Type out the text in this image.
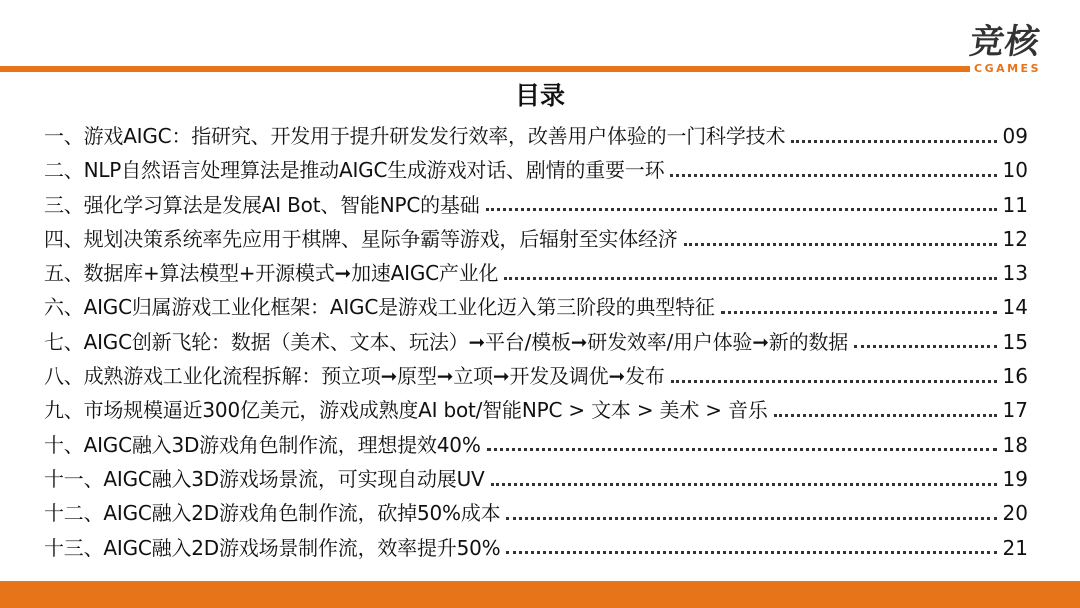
竞核
CGAMES
目录
一、游戏AIGC：指研究、开发用于提升研发发行效率，改善用户体验的一门科学技术	09
二、NLP自然语言处理算法是推动AIGC生成游戏对话、剧情的重要一环	10
三、强化学习算法是发展AI Bot、智能NPC的基础	11
四、规划决策系统率先应用于棋牌、星际争霸等游戏，后辐射至实体经济	12
五、数据库+算法模型+开源模式➞加速AIGC产业化	13
六、AIGC归属游戏工业化框架：AIGC是游戏工业化迈入第三阶段的典型特征	14
七、AIGC创新飞轮：数据（美术、文本、玩法）➞平台/模板➞研发效率/用户体验➞新的数据	15
八、成熟游戏工业化流程拆解：预立项➞原型➞立项➞开发及调优➞发布	16
九、市场规模逼近300亿美元，游戏成熟度AI bot/智能NPC > 文本 > 美术 > 音乐	17
十、AIGC融入3D游戏角色制作流，理想提效40%	18
十一、AIGC融入3D游戏场景流，可实现自动展UV	19
十二、AIGC融入2D游戏角色制作流，砍掉50%成本	20
十三、AIGC融入2D游戏场景制作流，效率提升50%	21
